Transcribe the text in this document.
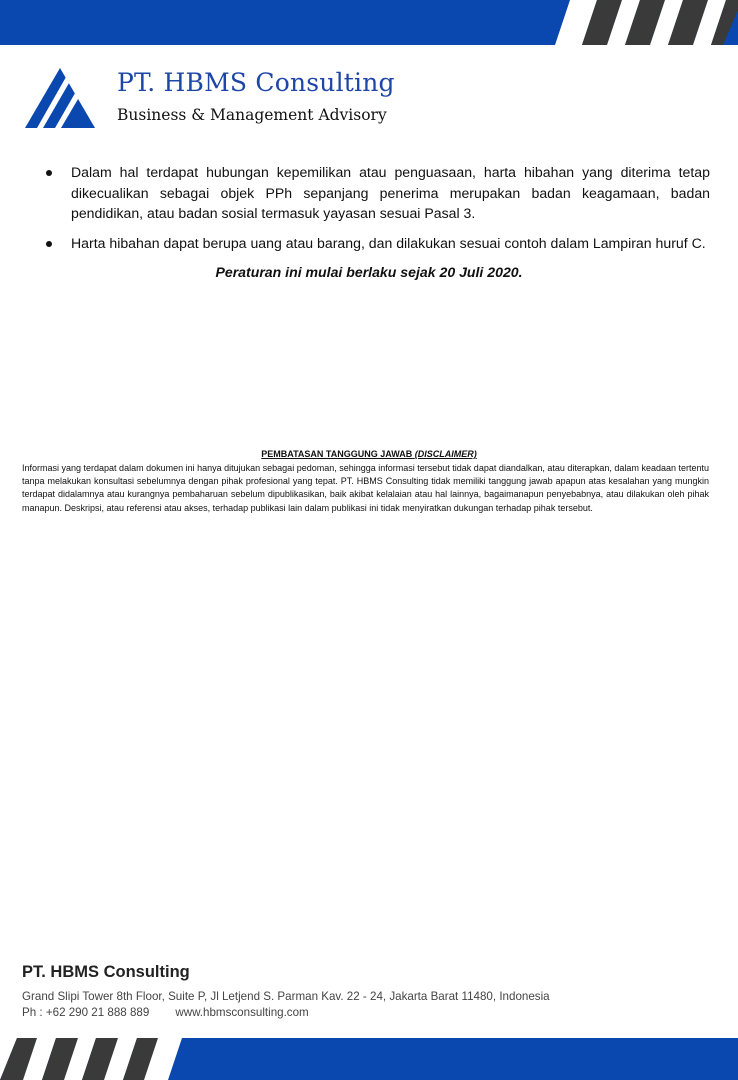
PT. HBMS Consulting
Business & Management Advisory
Dalam hal terdapat hubungan kepemilikan atau penguasaan, harta hibahan yang diterima tetap dikecualikan sebagai objek PPh sepanjang penerima merupakan badan keagamaan, badan pendidikan, atau badan sosial termasuk yayasan sesuai Pasal 3.
Harta hibahan dapat berupa uang atau barang, dan dilakukan sesuai contoh dalam Lampiran huruf C.
Peraturan ini mulai berlaku sejak 20 Juli 2020.
PEMBATASAN TANGGUNG JAWAB (DISCLAIMER)
Informasi yang terdapat dalam dokumen ini hanya ditujukan sebagai pedoman, sehingga informasi tersebut tidak dapat diandalkan, atau diterapkan, dalam keadaan tertentu tanpa melakukan konsultasi sebelumnya dengan pihak profesional yang tepat. PT. HBMS Consulting tidak memiliki tanggung jawab apapun atas kesalahan yang mungkin terdapat didalamnya atau kurangnya pembaharuan sebelum dipublikasikan, baik akibat kelalaian atau hal lainnya, bagaimanapun penyebabnya, atau dilakukan oleh pihak manapun. Deskripsi, atau referensi atau akses, terhadap publikasi lain dalam publikasi ini tidak menyiratkan dukungan terhadap pihak tersebut.
PT. HBMS Consulting
Grand Slipi Tower 8th Floor, Suite P, Jl Letjend S. Parman Kav. 22 - 24, Jakarta Barat 11480, Indonesia
Ph : +62 290 21 888 889 www.hbmsconsulting.com
